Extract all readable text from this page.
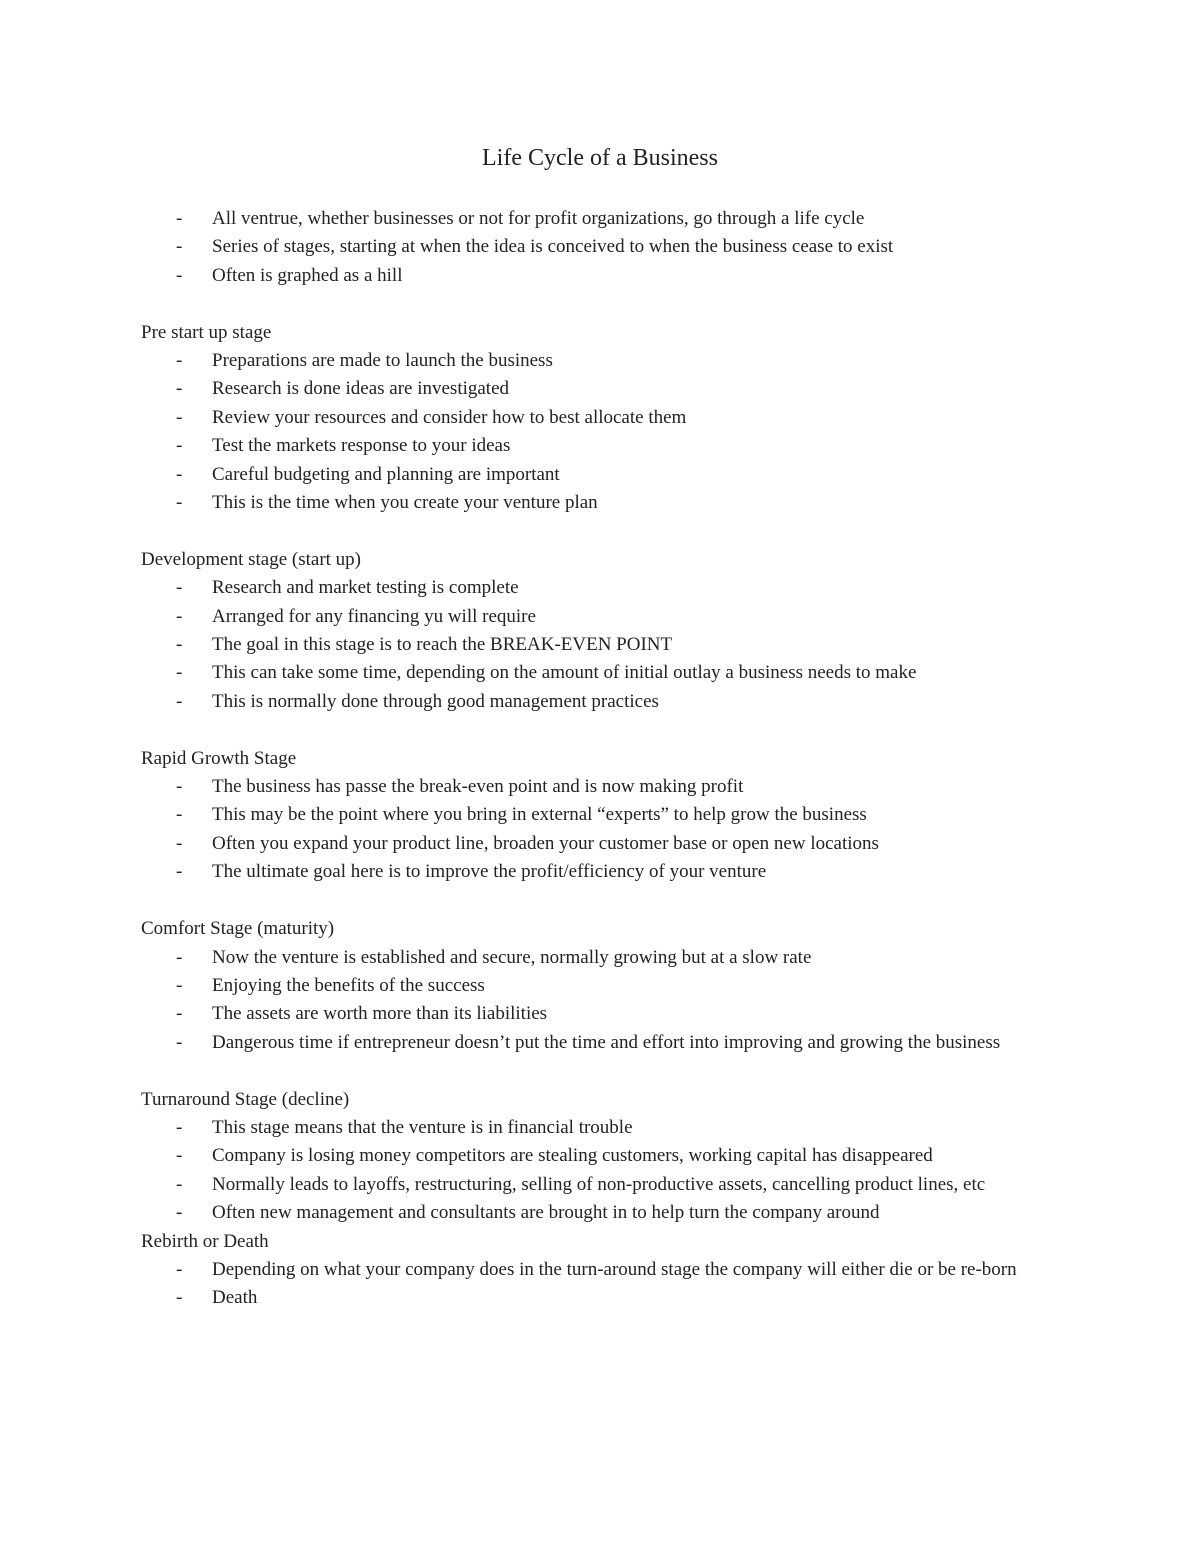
Life Cycle of a Business
- All ventrue, whether businesses or not for profit organizations, go through a life cycle
- Series of stages, starting at when the idea is conceived to when the business cease to exist
- Often is graphed as a hill

Pre start up stage

- Preparations are made to launch the business
- Research is done ideas are investigated
- Review your resources and consider how to best allocate them
- Test the markets response to your ideas
- Careful budgeting and planning are important
- This is the time when you create your venture plan

Development stage (start up)

- Research and market testing is complete
- Arranged for any financing yu will require
- The goal in this stage is to reach the BREAK-EVEN POINT
- This can take some time, depending on the amount of initial outlay a business needs to make
- This is normally done through good management practices

Rapid Growth Stage

- The business has passe the break-even point and is now making profit
- This may be the point where you bring in external “experts” to help grow the business
- Often you expand your product line, broaden your customer base or open new locations
- The ultimate goal here is to improve the profit/efficiency of your venture

Comfort Stage (maturity)

- Now the venture is established and secure, normally growing but at a slow rate
- Enjoying the benefits of the success
- The assets are worth more than its liabilities
- Dangerous time if entrepreneur doesn’t put the time and effort into improving and growing the business

Turnaround Stage (decline)

- This stage means that the venture is in financial trouble
- Company is losing money competitors are stealing customers, working capital has disappeared
- Normally leads to layoffs, restructuring, selling of non-productive assets, cancelling product lines, etc
- Often new management and consultants are brought in to help turn the company around

Rebirth or Death

- Depending on what your company does in the turn-around stage the company will either die or be re-born
- Death
